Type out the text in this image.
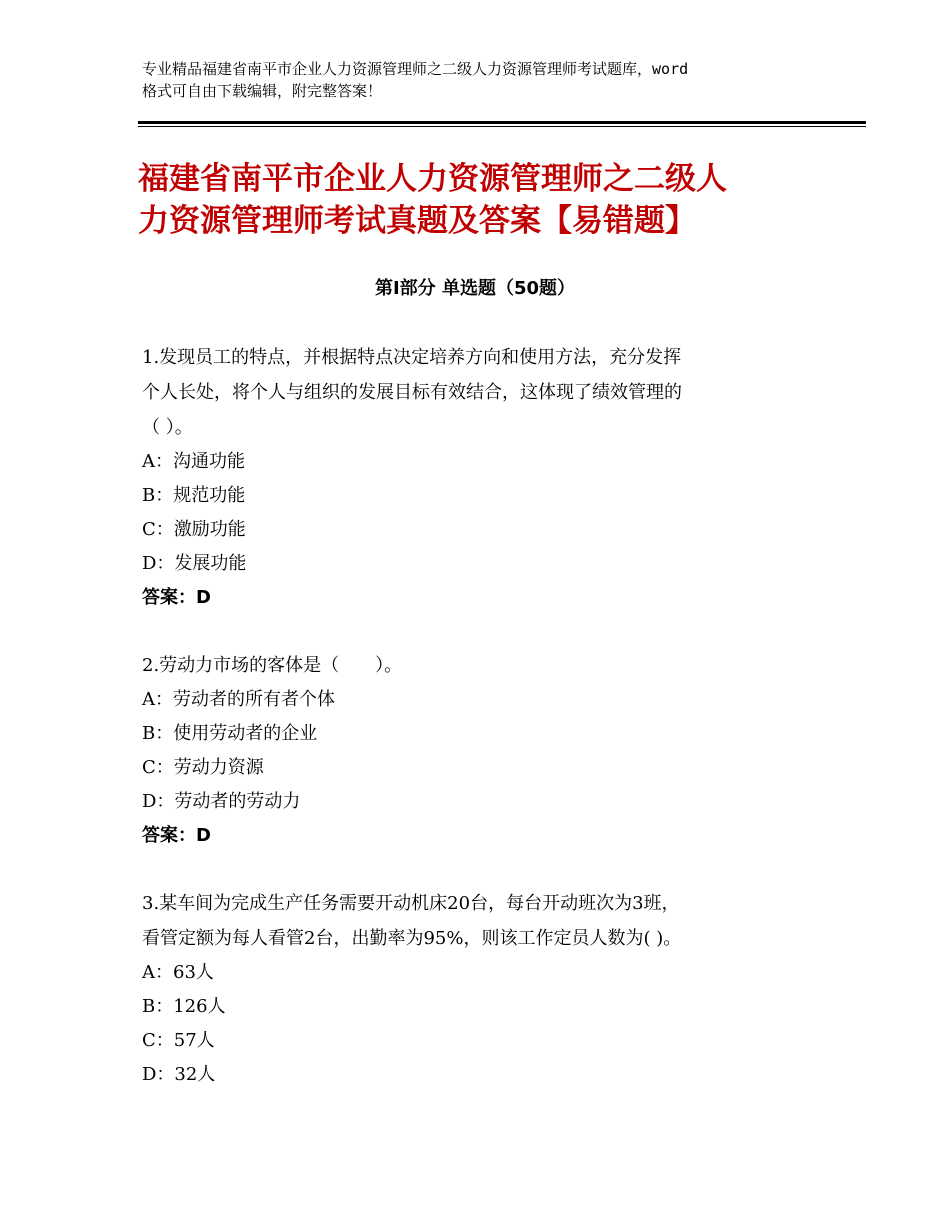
专业精品福建省南平市企业人力资源管理师之二级人力资源管理师考试题库，word
格式可自由下载编辑，附完整答案！
福建省南平市企业人力资源管理师之二级人
力资源管理师考试真题及答案【易错题】
第Ⅰ部分 单选题（50题）
1.发现员工的特点，并根据特点决定培养方向和使用方法，充分发挥
个人长处，将个人与组织的发展目标有效结合，这体现了绩效管理的
（ ）。
A：沟通功能
B：规范功能
C：激励功能
D：发展功能
答案：D
2.劳动力市场的客体是（　　）。
A：劳动者的所有者个体
B：使用劳动者的企业
C：劳动力资源
D：劳动者的劳动力
答案：D
3.某车间为完成生产任务需要开动机床20台，每台开动班次为3班，
看管定额为每人看管2台，出勤率为95%，则该工作定员人数为( )。
A：63人
B：126人
C：57人
D：32人
